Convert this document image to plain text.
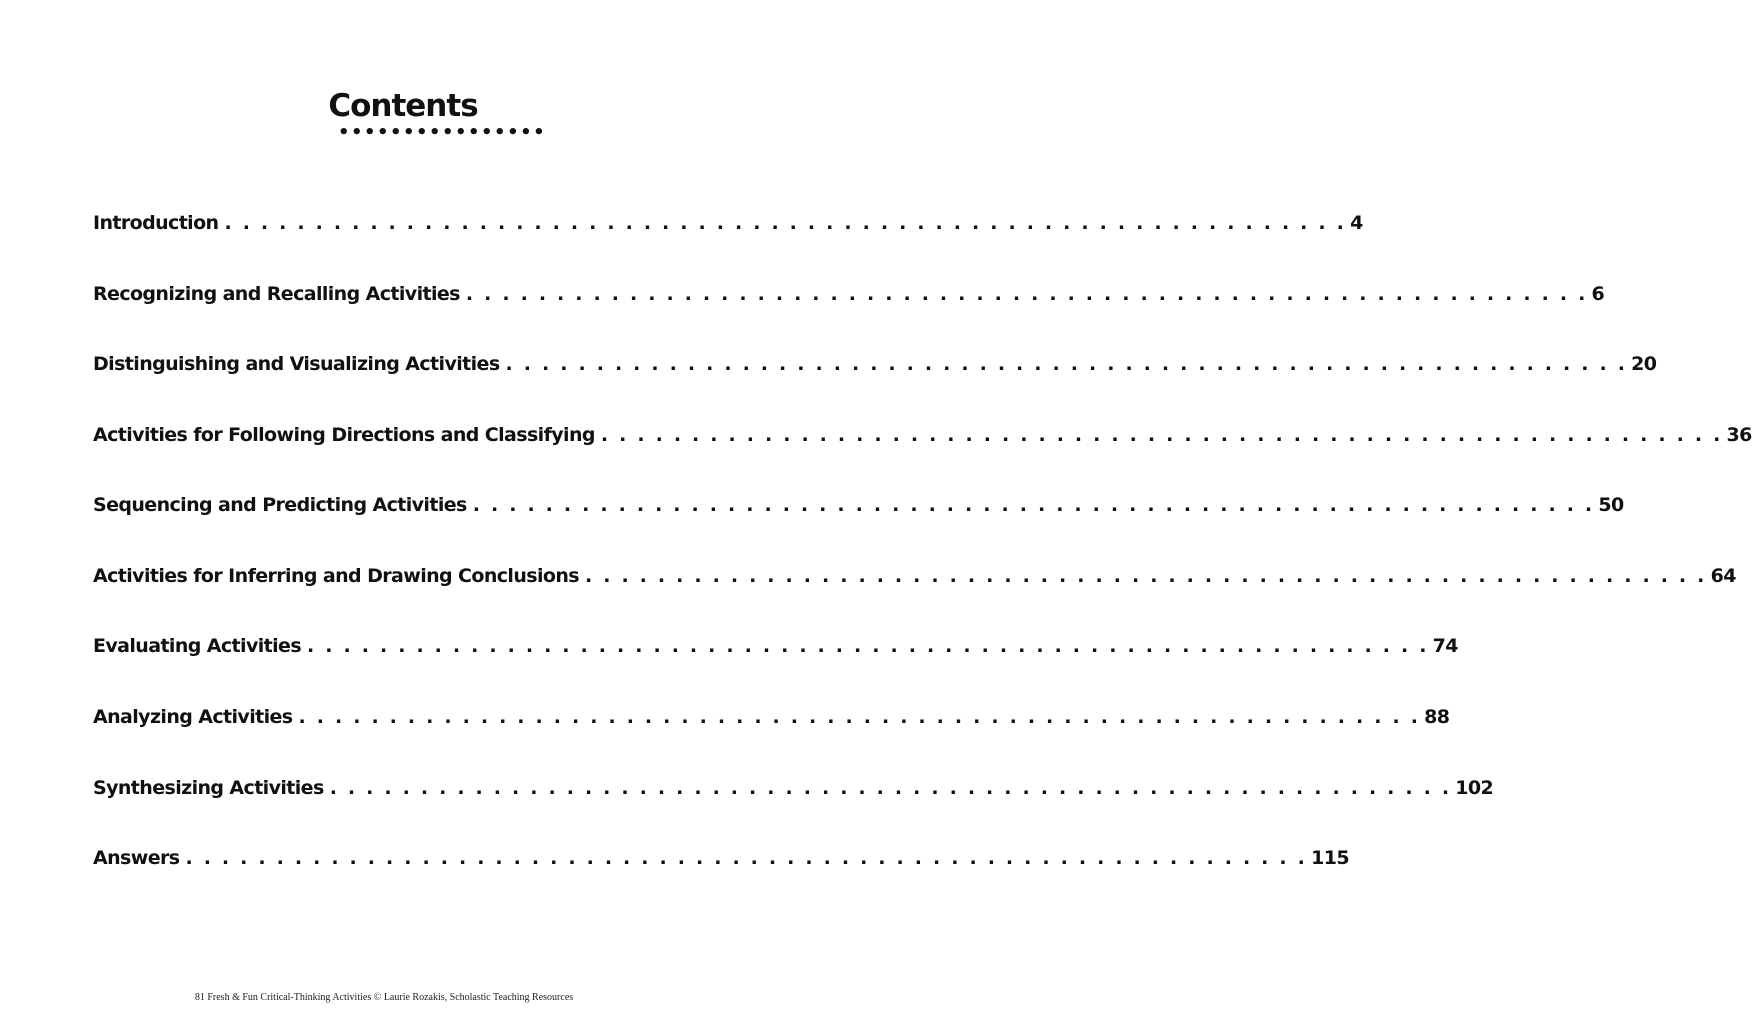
Contents
••••••••••••••••
Introduction . . . . . . . . . . . . . . . . . . . . . . . . . . . . . . . . . . . . . . . . . . . . . . . . . . . . . . . . . . . . . . 4
Recognizing and Recalling Activities . . . . . . . . . . . . . . . . . . . . . . . . . . . . . . . . . . . . . . . . . . . . . . . . . . . . . . . . . . . . . . 6
Distinguishing and Visualizing Activities . . . . . . . . . . . . . . . . . . . . . . . . . . . . . . . . . . . . . . . . . . . . . . . . . . . . . . . . . . . . . . 20
Activities for Following Directions and Classifying . . . . . . . . . . . . . . . . . . . . . . . . . . . . . . . . . . . . . . . . . . . . . . . . . . . . . . . . . . . . . . 36
Sequencing and Predicting Activities . . . . . . . . . . . . . . . . . . . . . . . . . . . . . . . . . . . . . . . . . . . . . . . . . . . . . . . . . . . . . . 50
Activities for Inferring and Drawing Conclusions . . . . . . . . . . . . . . . . . . . . . . . . . . . . . . . . . . . . . . . . . . . . . . . . . . . . . . . . . . . . . . 64
Evaluating Activities . . . . . . . . . . . . . . . . . . . . . . . . . . . . . . . . . . . . . . . . . . . . . . . . . . . . . . . . . . . . . . 74
Analyzing Activities . . . . . . . . . . . . . . . . . . . . . . . . . . . . . . . . . . . . . . . . . . . . . . . . . . . . . . . . . . . . . . 88
Synthesizing Activities . . . . . . . . . . . . . . . . . . . . . . . . . . . . . . . . . . . . . . . . . . . . . . . . . . . . . . . . . . . . . . 102
Answers . . . . . . . . . . . . . . . . . . . . . . . . . . . . . . . . . . . . . . . . . . . . . . . . . . . . . . . . . . . . . . 115
81 Fresh & Fun Critical-Thinking Activities © Laurie Rozakis, Scholastic Teaching Resources
